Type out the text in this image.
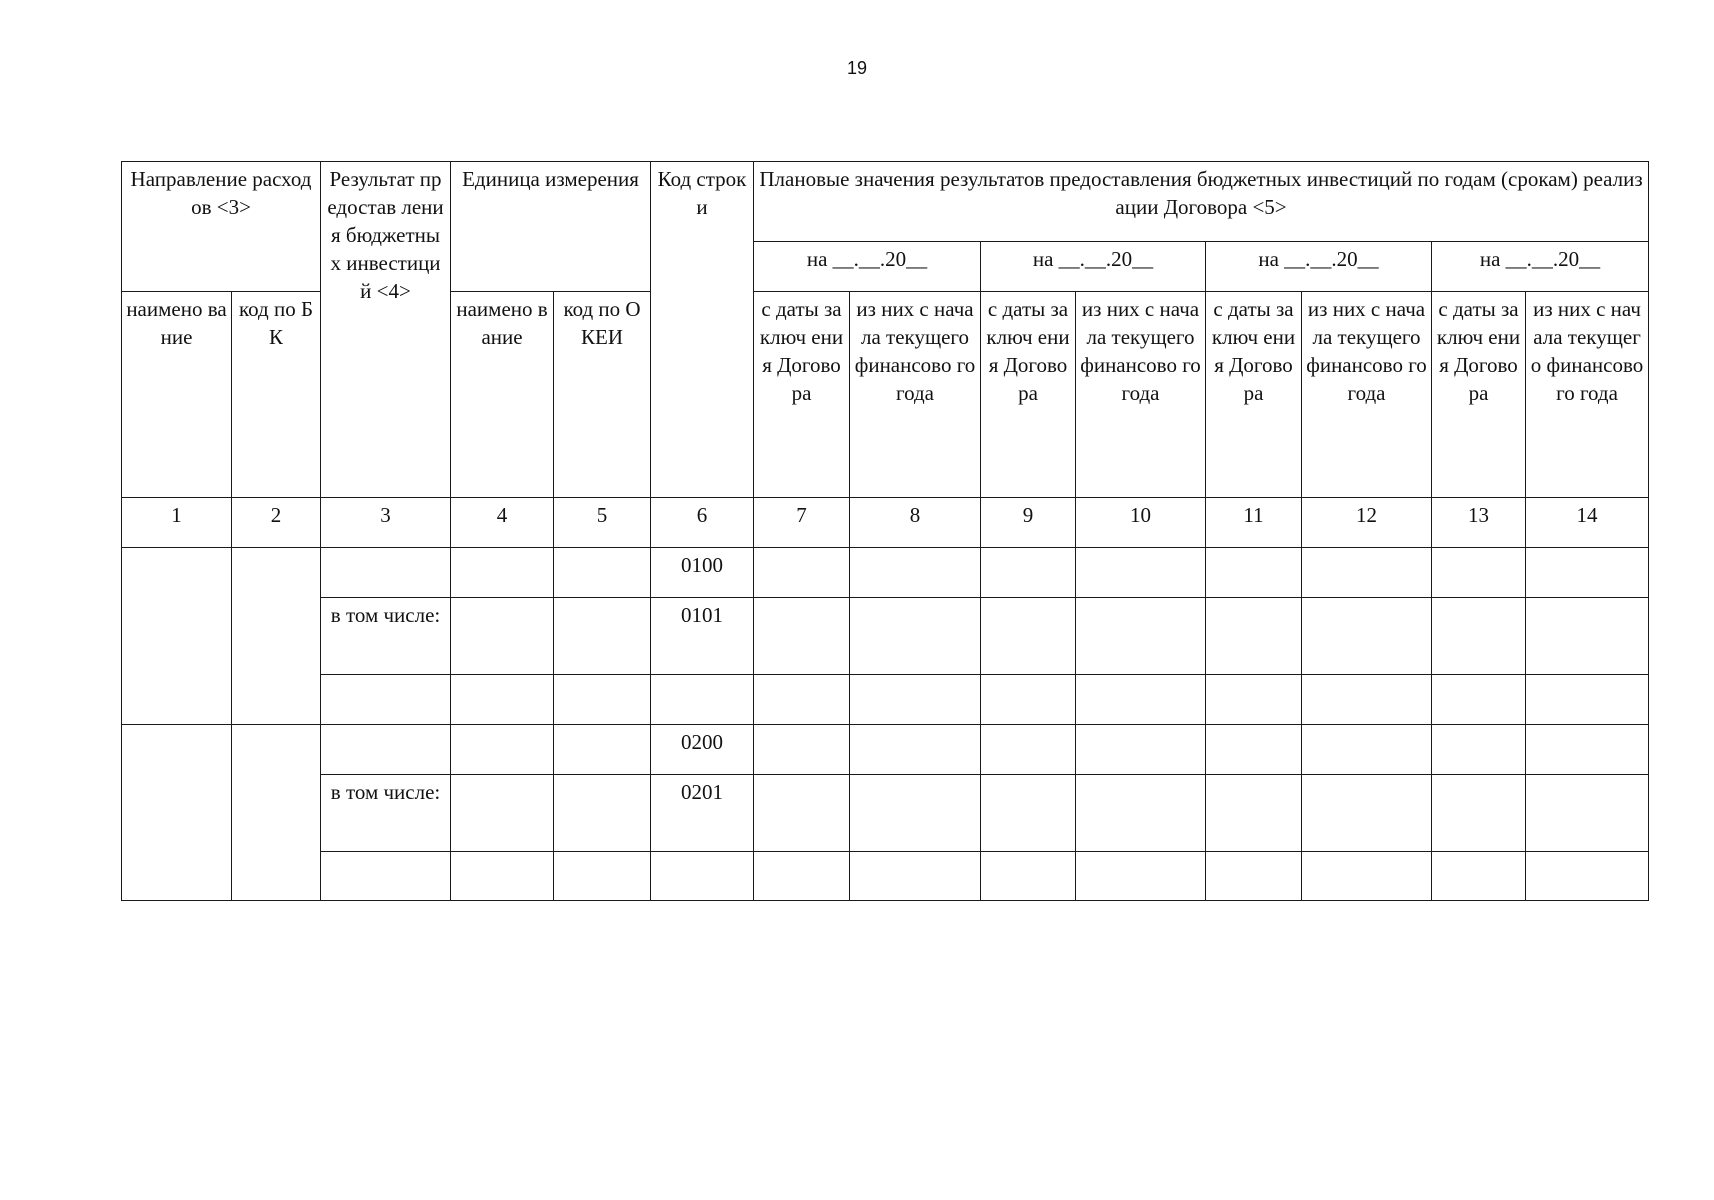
19
Направление расходов <3>		Результат предостав ления бюджетны х инвестици й <4>	Единица измерения		Код строки	Плановые значения результатов предоставления бюджетных инвестиций по годам (срокам) реализации Договора <5>							
						на __.__.20__		на __.__.20__		на __.__.20__		на __.__.20__	
наимено вание	код по БК		наимено вание	код по ОКЕИ		с даты заключ ения Догово ра	из них с начала текущего финансово го года	с даты заключ ения Догово ра	из них с начала текущего финансово го года	с даты заключ ения Догово ра	из них с начала текущего финансово го года	с даты заключ ения Догово ра	из них с начала текущего финансово го года
1	2	3	4	5	6	7	8	9	10	11	12	13	14
					0100								
		в том числе:			0101								

					0200								
		в том числе:			0201								
